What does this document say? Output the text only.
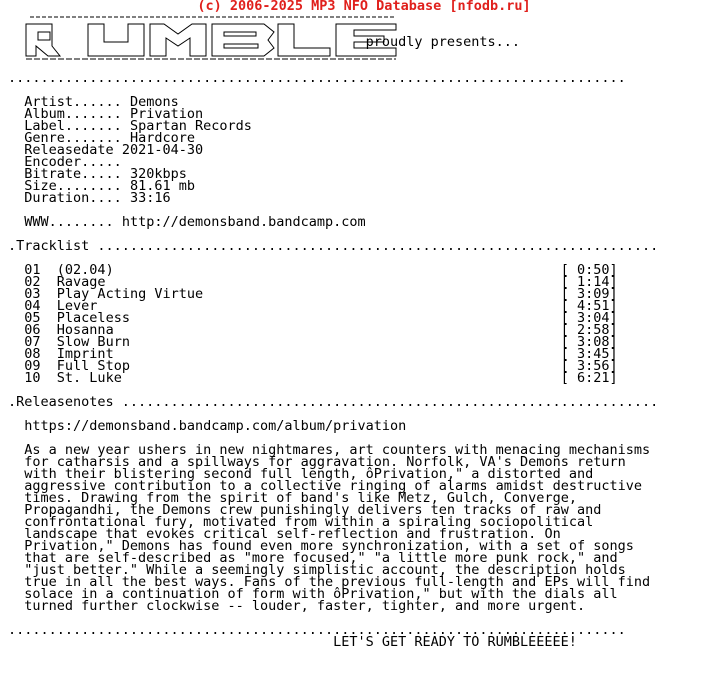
(c) 2006-2025 MP3 NFO Database [nfodb.ru]

proudly presents...

............................................................................

Artist...... Demons
Album....... Privation
Label....... Spartan Records
Genre....... Hardcore
Releasedate 2021-04-30
Encoder.....
Bitrate..... 320kbps
Size........ 81.61 mb
Duration.... 33:16

WWW........ http://demonsband.bandcamp.com

.Tracklist .....................................................................

01 (02.04)	[ 0:50]
02 Ravage	[ 1:14]
03 Play Acting Virtue	[ 3:09]
04 Lever	[ 4:51]
05 Placeless	[ 3:04]
06 Hosanna	[ 2:58]
07 Slow Burn	[ 3:08]
08 Imprint	[ 3:45]
09 Full Stop	[ 3:56]
10 St. Luke	[ 6:21]

.Releasenotes ..................................................................

https://demonsband.bandcamp.com/album/privation

As a new year ushers in new nightmares, art counters with menacing mechanisms
for catharsis and a spillways for aggravation. Norfolk, VA's Demons return
with their blistering second full length, ôPrivation," a distorted and
aggressive contribution to a collective ringing of alarms amidst destructive
times. Drawing from the spirit of band's like Metz, Gulch, Converge,
Propagandhi, the Demons crew punishingly delivers ten tracks of raw and
confrontational fury, motivated from within a spiraling sociopolitical
landscape that evokes critical self-reflection and frustration. On
Privation," Demons has found even more synchronization, with a set of songs
that are self-described as "more focused," "a little more punk rock," and
"just better." While a seemingly simplistic account, the description holds
true in all the best ways. Fans of the previous full-length and EPs will find
solace in a continuation of form with ôPrivation," but with the dials all
turned further clockwise -- louder, faster, tighter, and more urgent.

............................................................................
LET'S GET READY TO RUMBLEEEEE!
